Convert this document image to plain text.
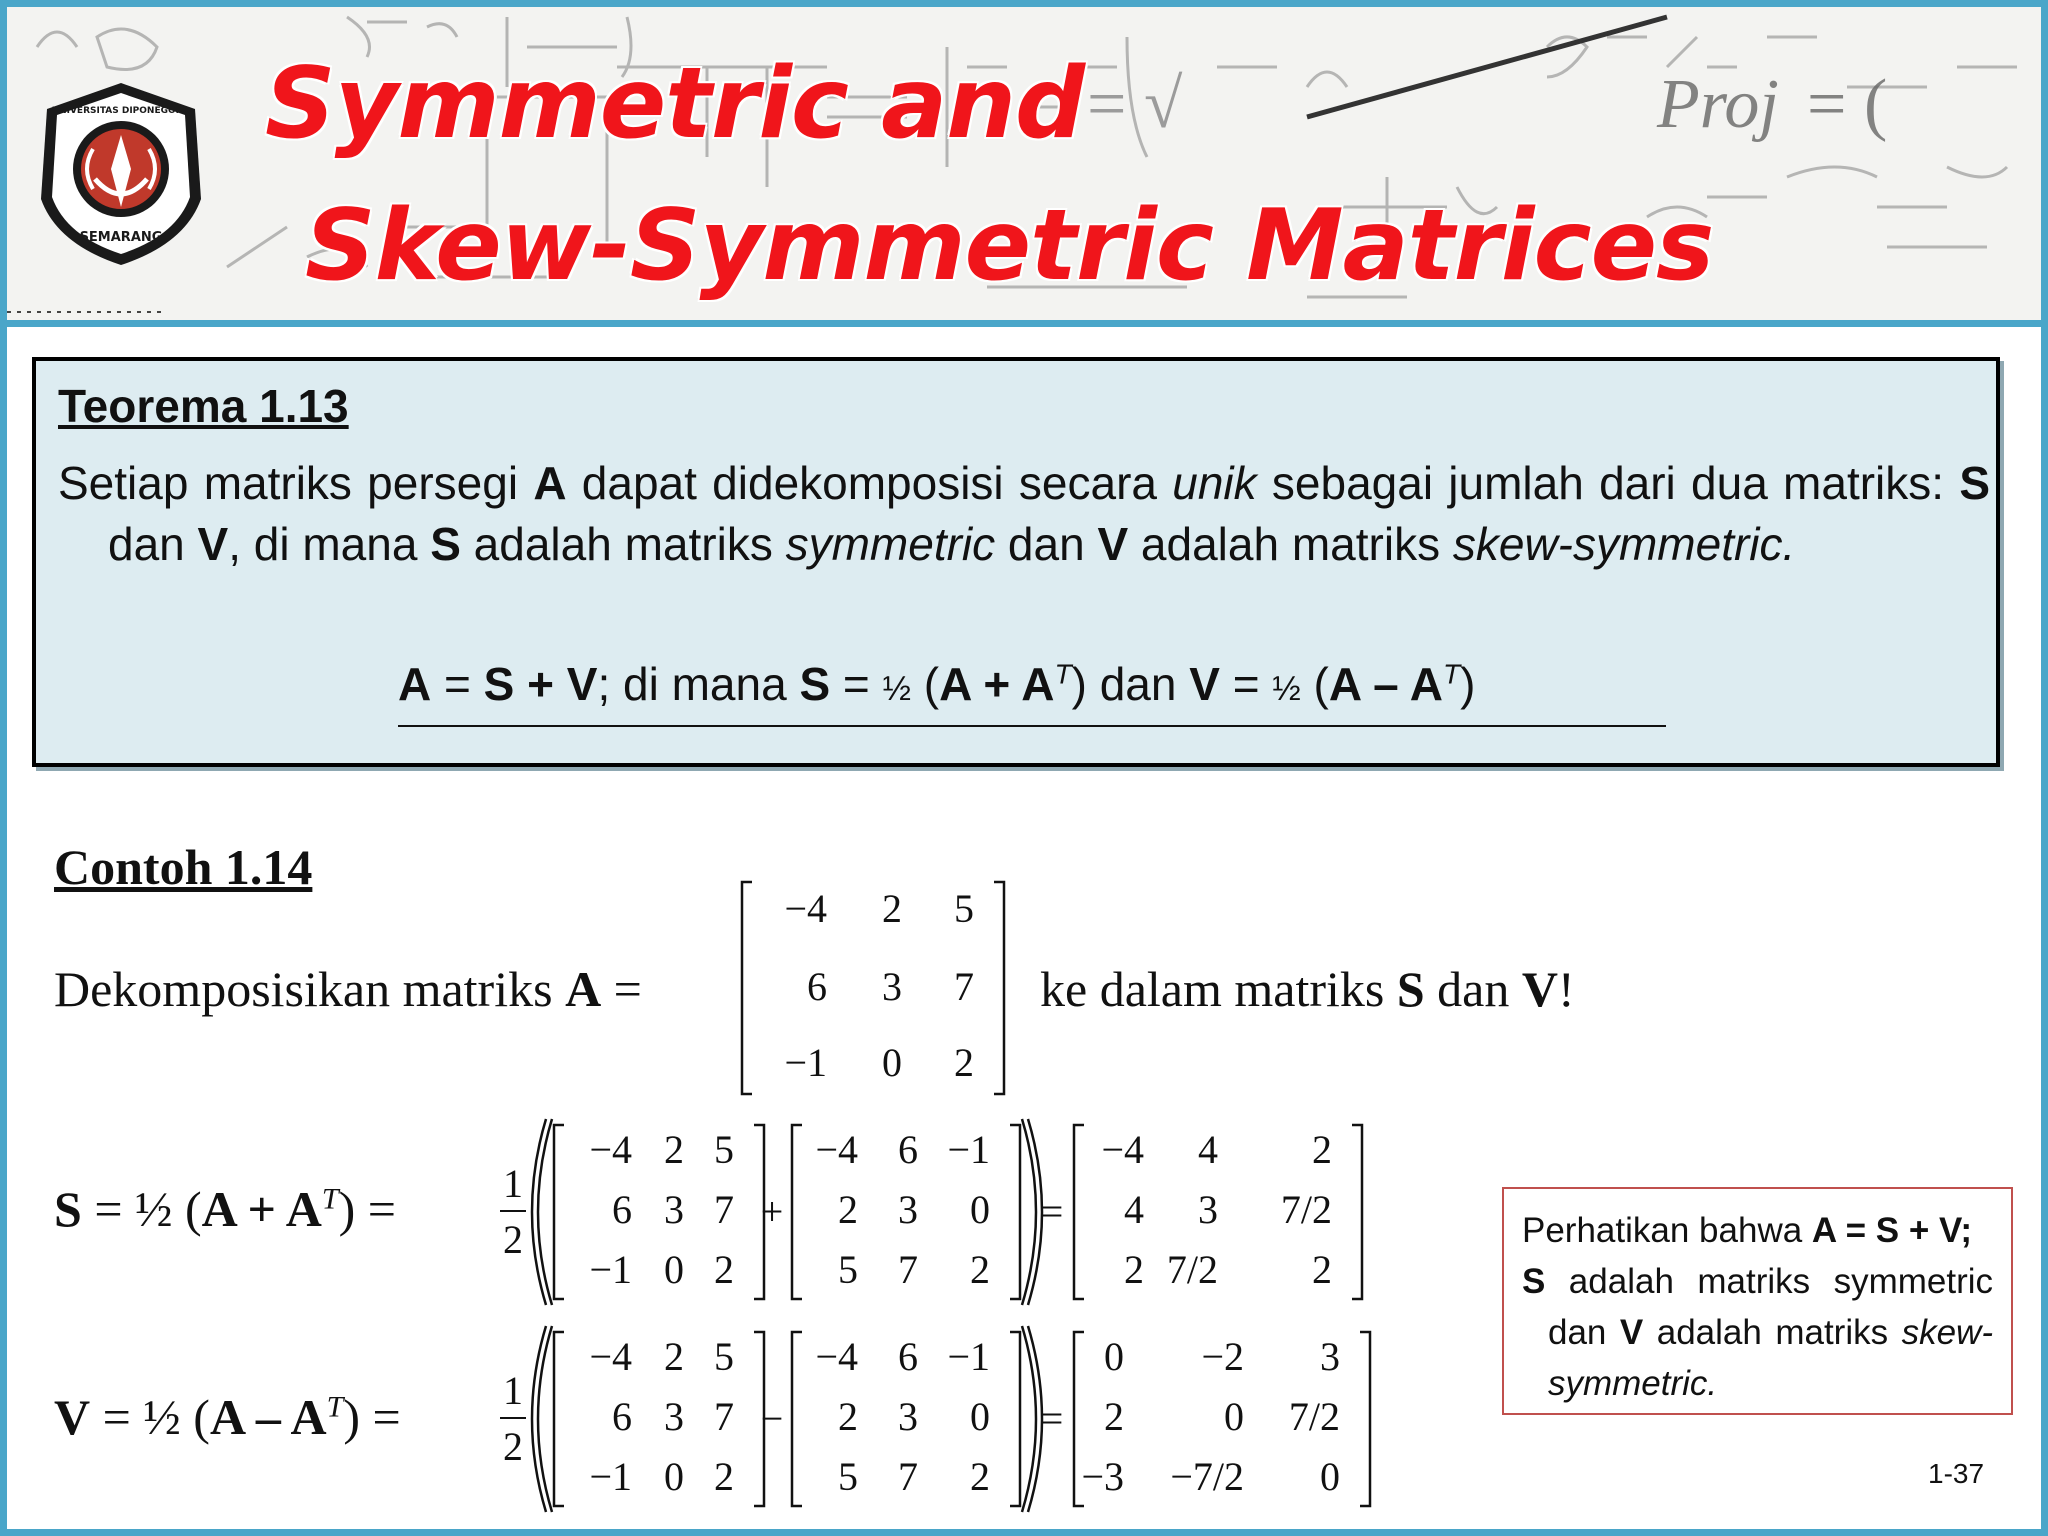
Proj = (
= √
SEMARANG
UNIVERSITAS DIPONEGORO Symmetric and
Skew-Symmetric Matrices
Teorema 1.13

Setiap matriks persegi A dapat didekomposisi secara unik sebagai jumlah dari dua matriks: S dan V, di mana S adalah matriks symmetric dan V adalah matriks skew-symmetric.

A = S + V; di mana S = ½ $(A + A^T)$ dan V = ½ $(A - A^T)$
Contoh 1.14
Dekomposisikan matriks A =	ke dalam matriks S dan V!
S = ½ $(A + A^T)$ =
V = ½ $(A - A^T)$ =
−4 2 5
6 3 7
−1 0 2
1
2
−4 2 5
6 3 7
−1 0 2
+
−4 6 −1
2 3 0
5 7 2
=
−4 4 2
4 3 7/2
2 7/2 2
1
2
−4 2 5
6 3 7
−1 0 2
−
−4 6 −1
2 3 0
5 7 2
=
0 −2 3
2	0 7/2
−3 −7/2 0

Perhatikan bahwa A = S + V;

S adalah matriks symmetric dan V adalah matriks skew-symmetric.

1-37
